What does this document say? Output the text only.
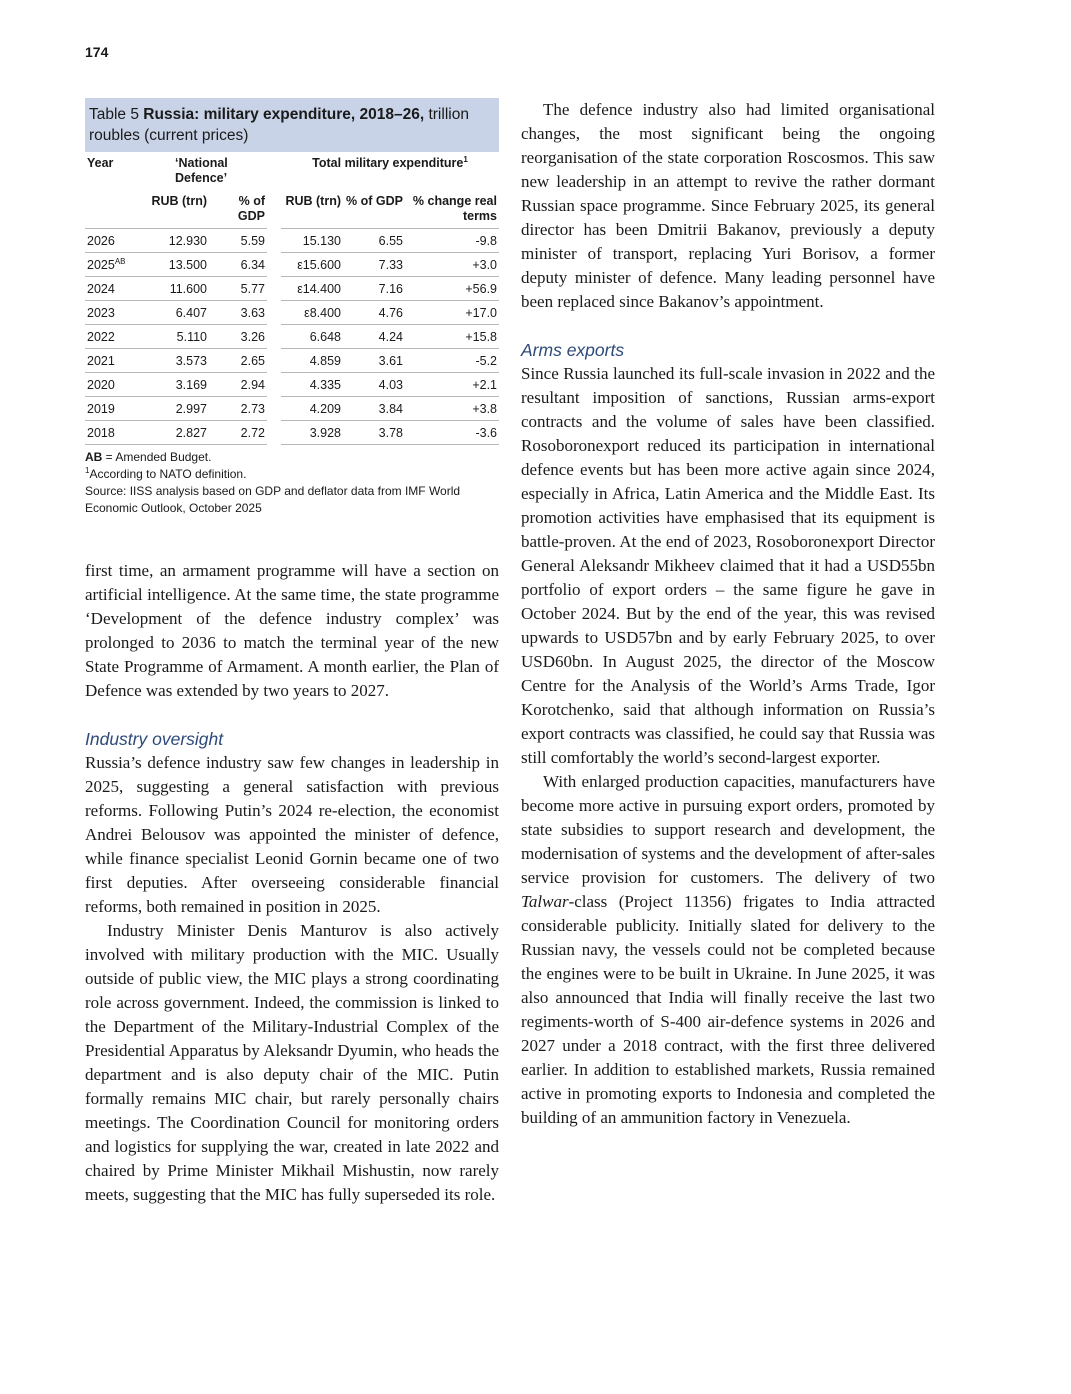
174
Table 5 Russia: military expenditure, 2018–26, trillion roubles (current prices)
Year	‘National Defence’			Total military expenditure$^1$
	RUB (trn)	% of GDP		RUB (trn)	% of GDP	% change real terms
2026	12.930	5.59		15.130	6.55	-9.8
$2025^{AB}$	13.500	6.34		ε15.600	7.33	+3.0
2024	11.600	5.77		ε14.400	7.16	+56.9
2023	6.407	3.63		ε8.400	4.76	+17.0
2022	5.110	3.26		6.648	4.24	+15.8
2021	3.573	2.65		4.859	3.61	-5.2
2020	3.169	2.94		4.335	4.03	+2.1
2019	2.997	2.73		4.209	3.84	+3.8
2018	2.827	2.72		3.928	3.78	-3.6
AB = Amended Budget.
$^1$According to NATO definition.
Source: IISS analysis based on GDP and deflator data from IMF World Economic Outlook, October 2025

first time, an armament programme will have a section on artificial intelligence. At the same time, the state programme ‘Development of the defence industry complex’ was prolonged to 2036 to match the terminal year of the new State Programme of Armament. A month earlier, the Plan of Defence was extended by two years to 2027.

Industry oversight

Russia’s defence industry saw few changes in leadership in 2025, suggesting a general satisfaction with previous reforms. Following Putin’s 2024 re-election, the economist Andrei Belousov was appointed the minister of defence, while finance specialist Leonid Gornin became one of two first deputies. After overseeing considerable financial reforms, both remained in position in 2025.

Industry Minister Denis Manturov is also actively involved with military production with the MIC. Usually outside of public view, the MIC plays a strong coordinating role across government. Indeed, the commission is linked to the Department of the Military-Industrial Complex of the Presidential Apparatus by Aleksandr Dyumin, who heads the department and is also deputy chair of the MIC. Putin formally remains MIC chair, but rarely personally chairs meetings. The Coordination Council for monitoring orders and logistics for supplying the war, created in late 2022 and chaired by Prime Minister Mikhail Mishustin, now rarely meets, suggesting that the MIC has fully superseded its role.

The defence industry also had limited organisational changes, the most significant being the ongoing reorganisation of the state corporation Roscosmos. This saw new leadership in an attempt to revive the rather dormant Russian space programme. Since February 2025, its general director has been Dmitrii Bakanov, previously a deputy minister of transport, replacing Yuri Borisov, a former deputy minister of defence. Many leading personnel have been replaced since Bakanov’s appointment.

Arms exports

Since Russia launched its full-scale invasion in 2022 and the resultant imposition of sanctions, Russian arms-export contracts and the volume of sales have been classified. Rosoboronexport reduced its participation in international defence events but has been more active again since 2024, especially in Africa, Latin America and the Middle East. Its promotion activities have emphasised that its equipment is battle-proven. At the end of 2023, Rosoboronexport Director General Aleksandr Mikheev claimed that it had a USD55bn portfolio of export orders – the same figure he gave in October 2024. But by the end of the year, this was revised upwards to USD57bn and by early February 2025, to over USD60bn. In August 2025, the director of the Moscow Centre for the Analysis of the World’s Arms Trade, Igor Korotchenko, said that although information on Russia’s export contracts was classified, he could say that Russia was still comfortably the world’s second-largest exporter.

With enlarged production capacities, manufacturers have become more active in pursuing export orders, promoted by state subsidies to support research and development, the modernisation of systems and the development of after-sales service provision for customers. The delivery of two Talwar-class (Project 11356) frigates to India attracted considerable publicity. Initially slated for delivery to the Russian navy, the vessels could not be completed because the engines were to be built in Ukraine. In June 2025, it was also announced that India will finally receive the last two regiments-worth of S-400 air-defence systems in 2026 and 2027 under a 2018 contract, with the first three delivered earlier. In addition to established markets, Russia remained active in promoting exports to Indonesia and completed the building of an ammunition factory in Venezuela.
